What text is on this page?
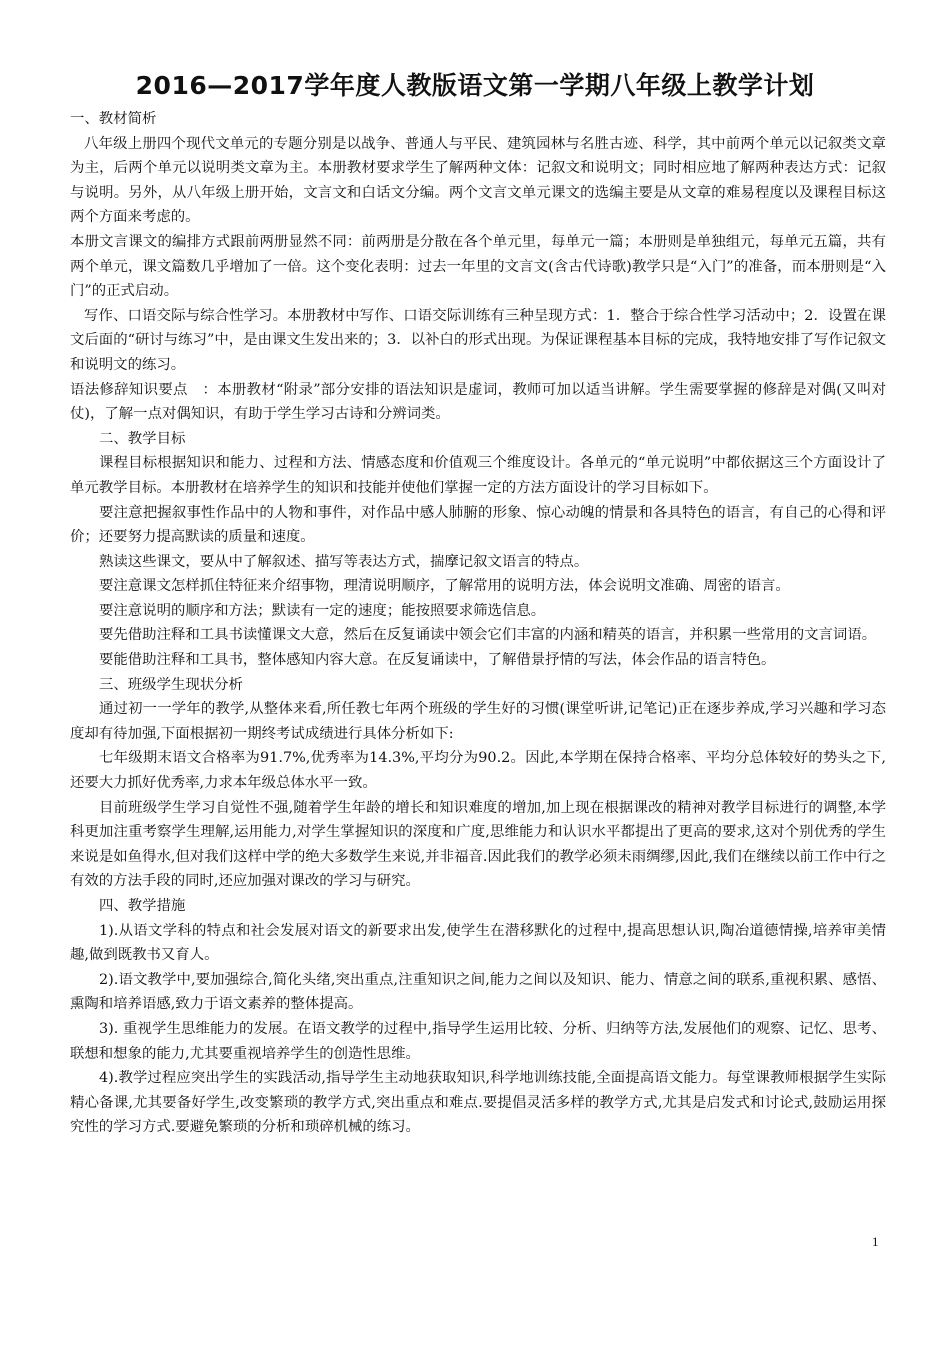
2016—2017学年度人教版语文第一学期八年级上教学计划

一、教材简析

八年级上册四个现代文单元的专题分别是以战争、普通人与平民、建筑园林与名胜古迹、科学，其中前两个单元以记叙类文章为主，后两个单元以说明类文章为主。本册教材要求学生了解两种文体：记叙文和说明文；同时相应地了解两种表达方式：记叙与说明。另外，从八年级上册开始，文言文和白话文分编。两个文言文单元课文的选编主要是从文章的难易程度以及课程目标这两个方面来考虑的。

本册文言课文的编排方式跟前两册显然不同：前两册是分散在各个单元里，每单元一篇；本册则是单独组元，每单元五篇，共有两个单元，课文篇数几乎增加了一倍。这个变化表明：过去一年里的文言文(含古代诗歌)教学只是“入门”的准备，而本册则是“入门”的正式启动。

写作、口语交际与综合性学习。本册教材中写作、口语交际训练有三种呈现方式：1．整合于综合性学习活动中；2．设置在课文后面的“研讨与练习”中，是由课文生发出来的；3．以补白的形式出现。为保证课程基本目标的完成，我特地安排了写作记叙文和说明文的练习。

语法修辞知识要点　：本册教材“附录”部分安排的语法知识是虚词，教师可加以适当讲解。学生需要掌握的修辞是对偶(又叫对仗)，了解一点对偶知识，有助于学生学习古诗和分辨词类。

二、教学目标

课程目标根据知识和能力、过程和方法、情感态度和价值观三个维度设计。各单元的“单元说明”中都依据这三个方面设计了单元教学目标。本册教材在培养学生的知识和技能并使他们掌握一定的方法方面设计的学习目标如下。

要注意把握叙事性作品中的人物和事件，对作品中感人肺腑的形象、惊心动魄的情景和各具特色的语言，有自己的心得和评价；还要努力提高默读的质量和速度。

熟读这些课文，要从中了解叙述、描写等表达方式，揣摩记叙文语言的特点。

要注意课文怎样抓住特征来介绍事物，理清说明顺序，了解常用的说明方法，体会说明文准确、周密的语言。

要注意说明的顺序和方法；默读有一定的速度；能按照要求筛选信息。

要先借助注释和工具书读懂课文大意，然后在反复诵读中领会它们丰富的内涵和精英的语言，并积累一些常用的文言词语。

要能借助注释和工具书，整体感知内容大意。在反复诵读中，了解借景抒情的写法，体会作品的语言特色。

三、班级学生现状分析

通过初一一学年的教学,从整体来看,所任教七年两个班级的学生好的习惯(课堂听讲,记笔记)正在逐步养成,学习兴趣和学习态度却有待加强,下面根据初一期终考试成绩进行具体分析如下:

七年级期末语文合格率为91.7%,优秀率为14.3%,平均分为90.2。因此,本学期在保持合格率、平均分总体较好的势头之下,还要大力抓好优秀率,力求本年级总体水平一致。

目前班级学生学习自觉性不强,随着学生年龄的增长和知识难度的增加,加上现在根据课改的精神对教学目标进行的调整,本学科更加注重考察学生理解,运用能力,对学生掌握知识的深度和广度,思维能力和认识水平都提出了更高的要求,这对个别优秀的学生来说是如鱼得水,但对我们这样中学的绝大多数学生来说,并非福音.因此我们的教学必须未雨绸缪,因此,我们在继续以前工作中行之有效的方法手段的同时,还应加强对课改的学习与研究。

四、教学措施

1).从语文学科的特点和社会发展对语文的新要求出发,使学生在潜移默化的过程中,提高思想认识,陶冶道德情操,培养审美情趣,做到既教书又育人。

2).语文教学中,要加强综合,简化头绪,突出重点,注重知识之间,能力之间以及知识、能力、情意之间的联系,重视积累、感悟、熏陶和培养语感,致力于语文素养的整体提高。

3). 重视学生思维能力的发展。在语文教学的过程中,指导学生运用比较、分析、归纳等方法,发展他们的观察、记忆、思考、联想和想象的能力,尤其要重视培养学生的创造性思维。

4).教学过程应突出学生的实践活动,指导学生主动地获取知识,科学地训练技能,全面提高语文能力。每堂课教师根据学生实际精心备课,尤其要备好学生,改变繁琐的教学方式,突出重点和难点.要提倡灵活多样的教学方式,尤其是启发式和讨论式,鼓励运用探究性的学习方式.要避免繁琐的分析和琐碎机械的练习。

1
